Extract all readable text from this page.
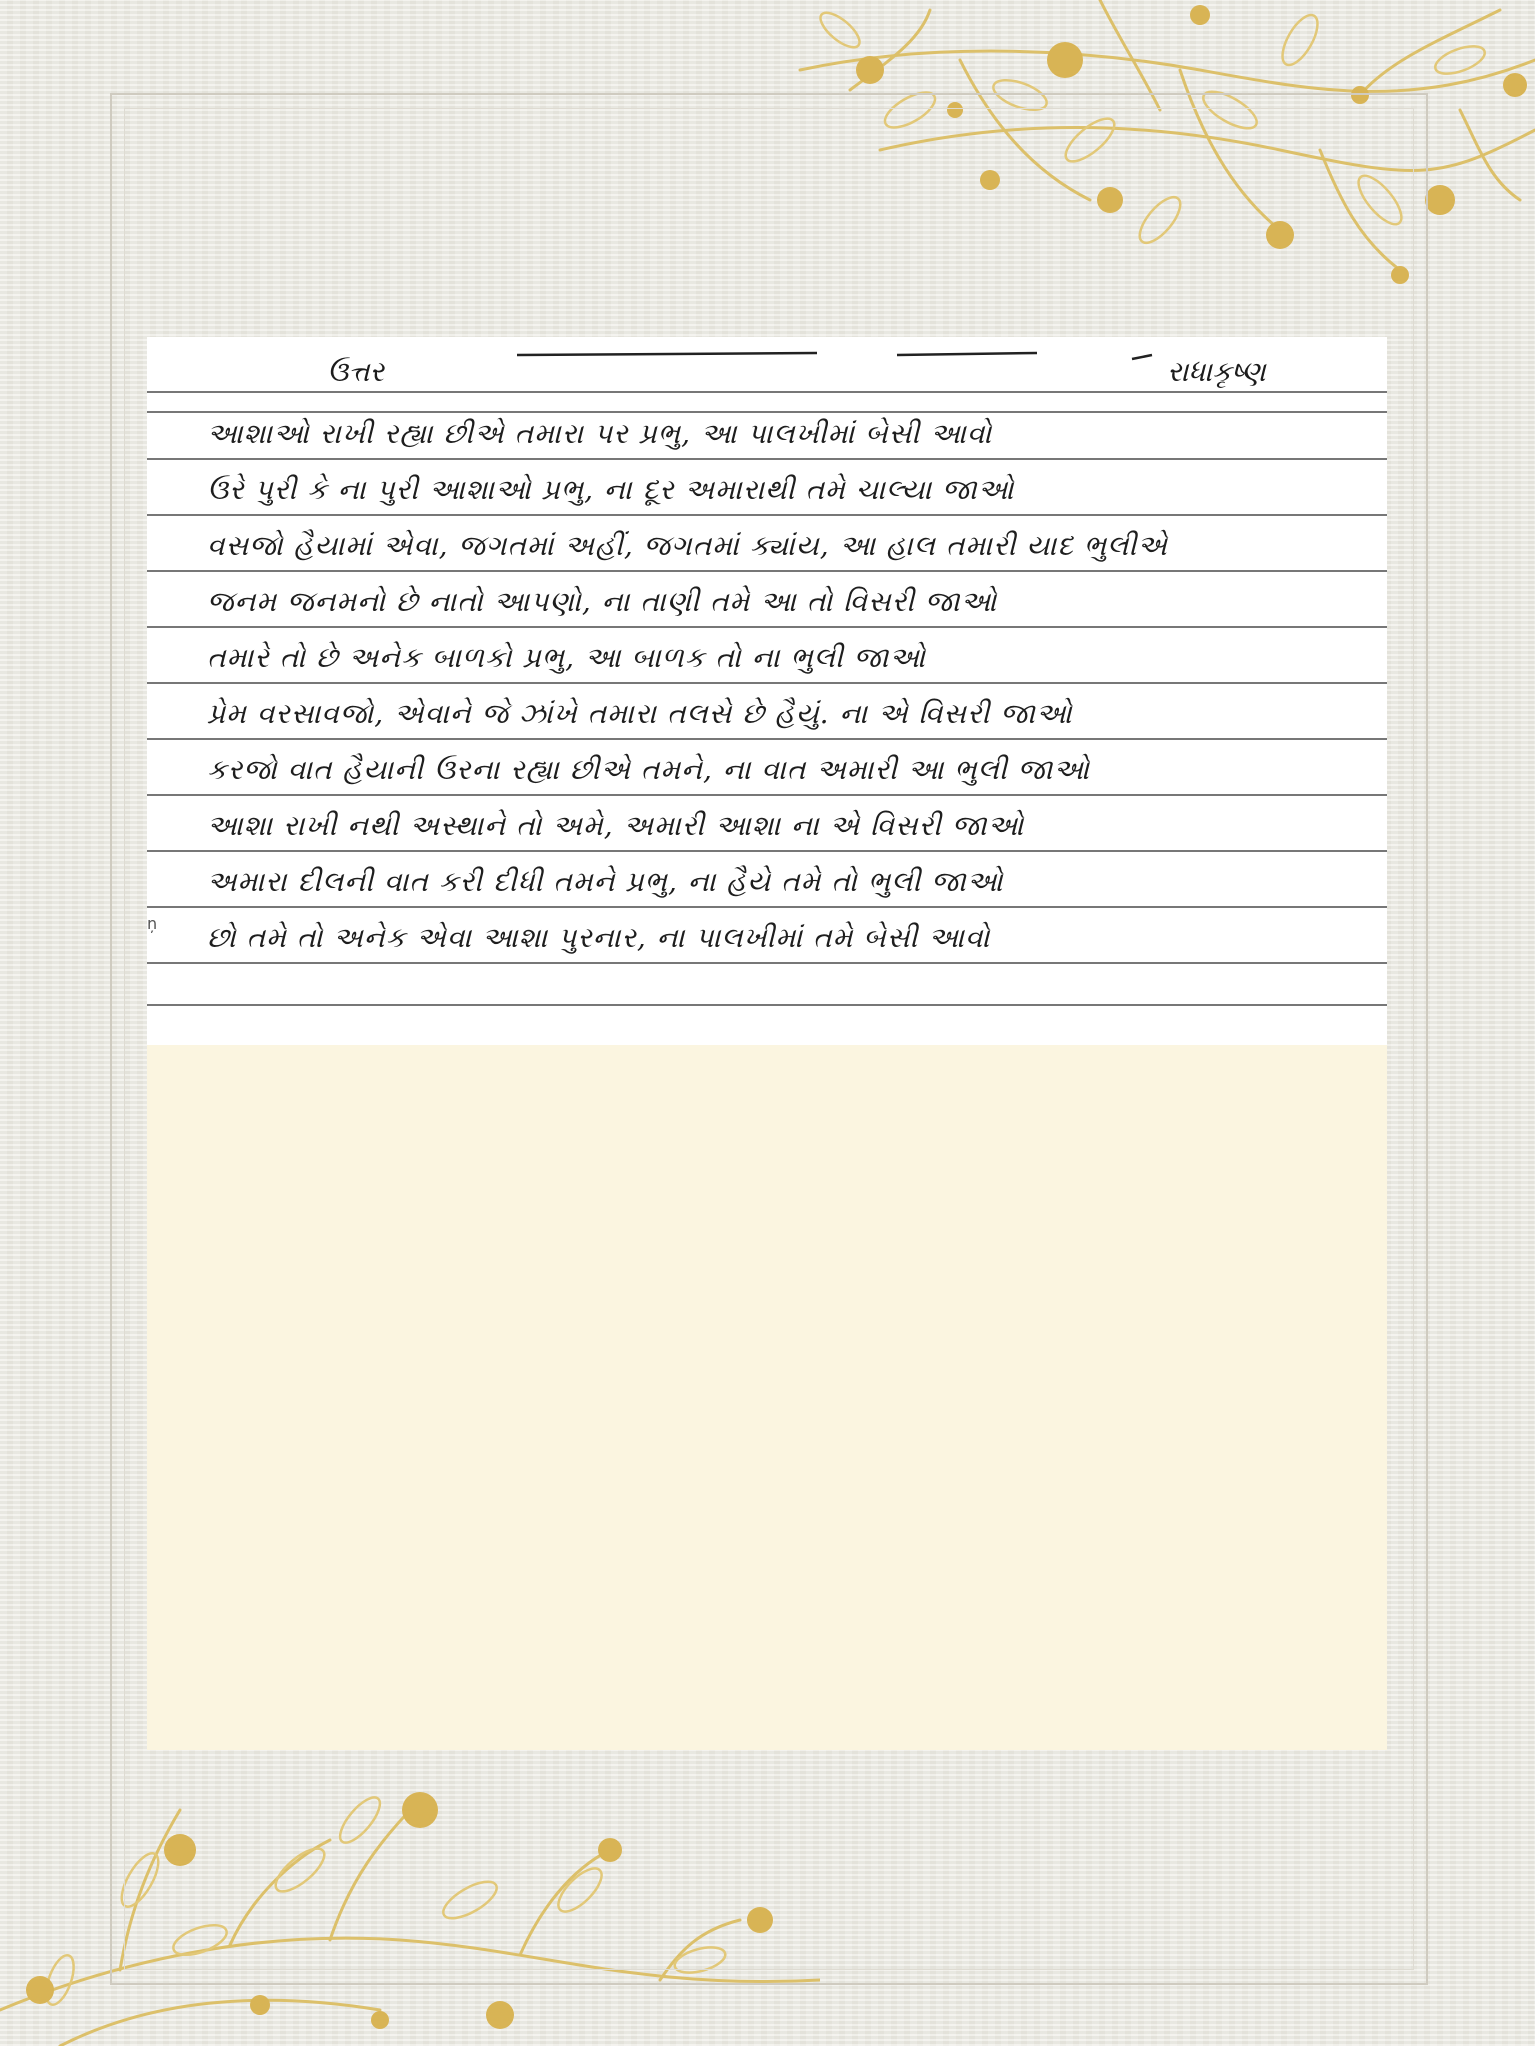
ઉત્તર	રાધાકૃષ્ણ
આશાઓ રાખી રહ્યા છીએ તમારા પર પ્રભુ, આ પાલખીમાં બેસી આવો
ઉરે પુરી કે ના પુરી આશાઓ પ્રભુ, ના દૂર અમારાથી તમે ચાલ્યા જાઓ
વસજો હૈયામાં એવા, જગતમાં અહીં, જગતમાં ક્યાંય, આ હાલ તમારી યાદ ભુલીએ
જનમ જનમનો છે નાતો આપણો, ના તાણી તમે આ તો વિસરી જાઓ
તમારે તો છે અનેક બાળકો પ્રભુ, આ બાળક તો ના ભુલી જાઓ
પ્રેમ વરસાવજો, એવાને જે ઝાંખે તમારા તલસે છે હૈયું. ના એ વિસરી જાઓ
કરજો વાત હૈયાની ઉરના રહ્યા છીએ તમને, ના વાત અમારી આ ભુલી જાઓ
આશા રાખી નથી અસ્થાને તો અમે, અમારી આશા ના એ વિસરી જાઓ
અમારા દીલની વાત કરી દીધી તમને પ્રભુ, ના હૈયે તમે તો ભુલી જાઓ
છો તમે તો અનેક એવા આશા પુરનાર, ના પાલખીમાં તમે બેસી આવો
ņ
